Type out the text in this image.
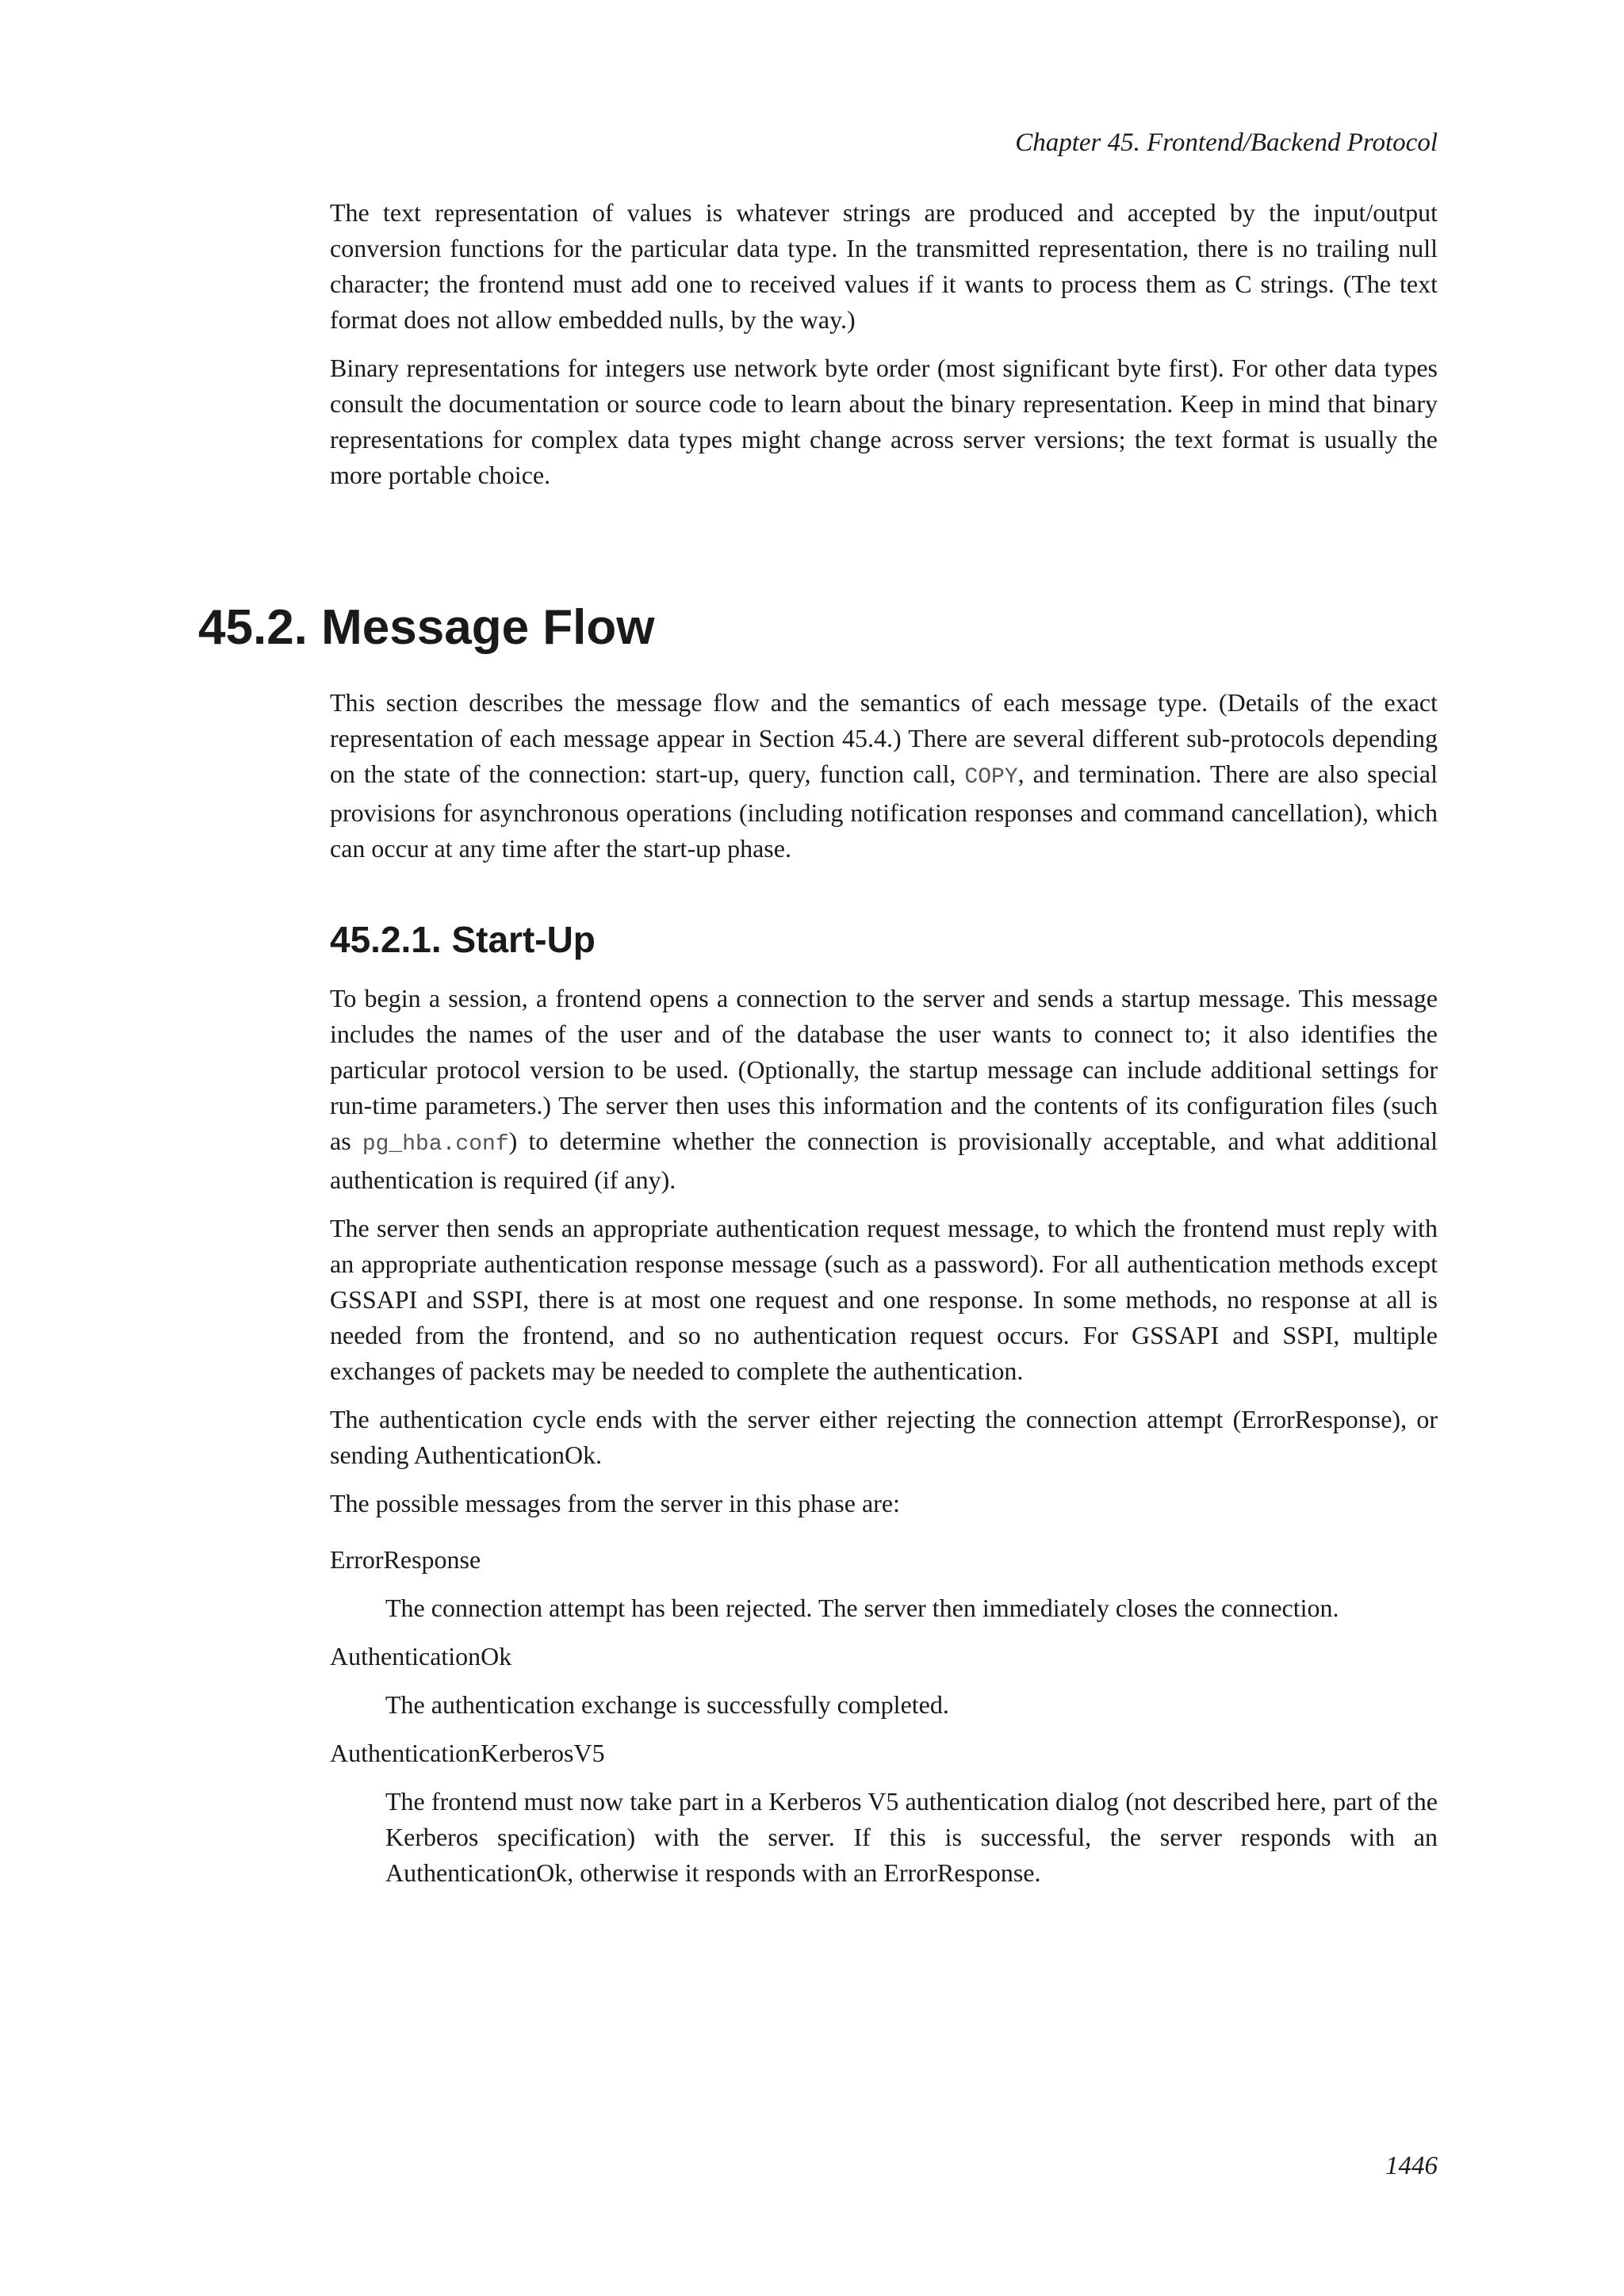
Chapter 45. Frontend/Backend Protocol

The text representation of values is whatever strings are produced and accepted by the input/output conversion functions for the particular data type. In the transmitted representation, there is no trailing null character; the frontend must add one to received values if it wants to process them as C strings. (The text format does not allow embedded nulls, by the way.)

Binary representations for integers use network byte order (most significant byte first). For other data types consult the documentation or source code to learn about the binary representation. Keep in mind that binary representations for complex data types might change across server versions; the text format is usually the more portable choice.

45.2. Message Flow

This section describes the message flow and the semantics of each message type. (Details of the exact representation of each message appear in Section 45.4.) There are several different sub-protocols depending on the state of the connection: start-up, query, function call, COPY, and termination. There are also special provisions for asynchronous operations (including notification responses and command cancellation), which can occur at any time after the start-up phase.

45.2.1. Start-Up

To begin a session, a frontend opens a connection to the server and sends a startup message. This message includes the names of the user and of the database the user wants to connect to; it also identifies the particular protocol version to be used. (Optionally, the startup message can include additional settings for run-time parameters.) The server then uses this information and the contents of its configuration files (such as pg_hba.conf) to determine whether the connection is provisionally acceptable, and what additional authentication is required (if any).

The server then sends an appropriate authentication request message, to which the frontend must reply with an appropriate authentication response message (such as a password). For all authentication methods except GSSAPI and SSPI, there is at most one request and one response. In some methods, no response at all is needed from the frontend, and so no authentication request occurs. For GSSAPI and SSPI, multiple exchanges of packets may be needed to complete the authentication.

The authentication cycle ends with the server either rejecting the connection attempt (ErrorResponse), or sending AuthenticationOk.

The possible messages from the server in this phase are:

ErrorResponse

The connection attempt has been rejected. The server then immediately closes the connection.

AuthenticationOk

The authentication exchange is successfully completed.

AuthenticationKerberosV5

The frontend must now take part in a Kerberos V5 authentication dialog (not described here, part of the Kerberos specification) with the server. If this is successful, the server responds with an AuthenticationOk, otherwise it responds with an ErrorResponse.

1446
